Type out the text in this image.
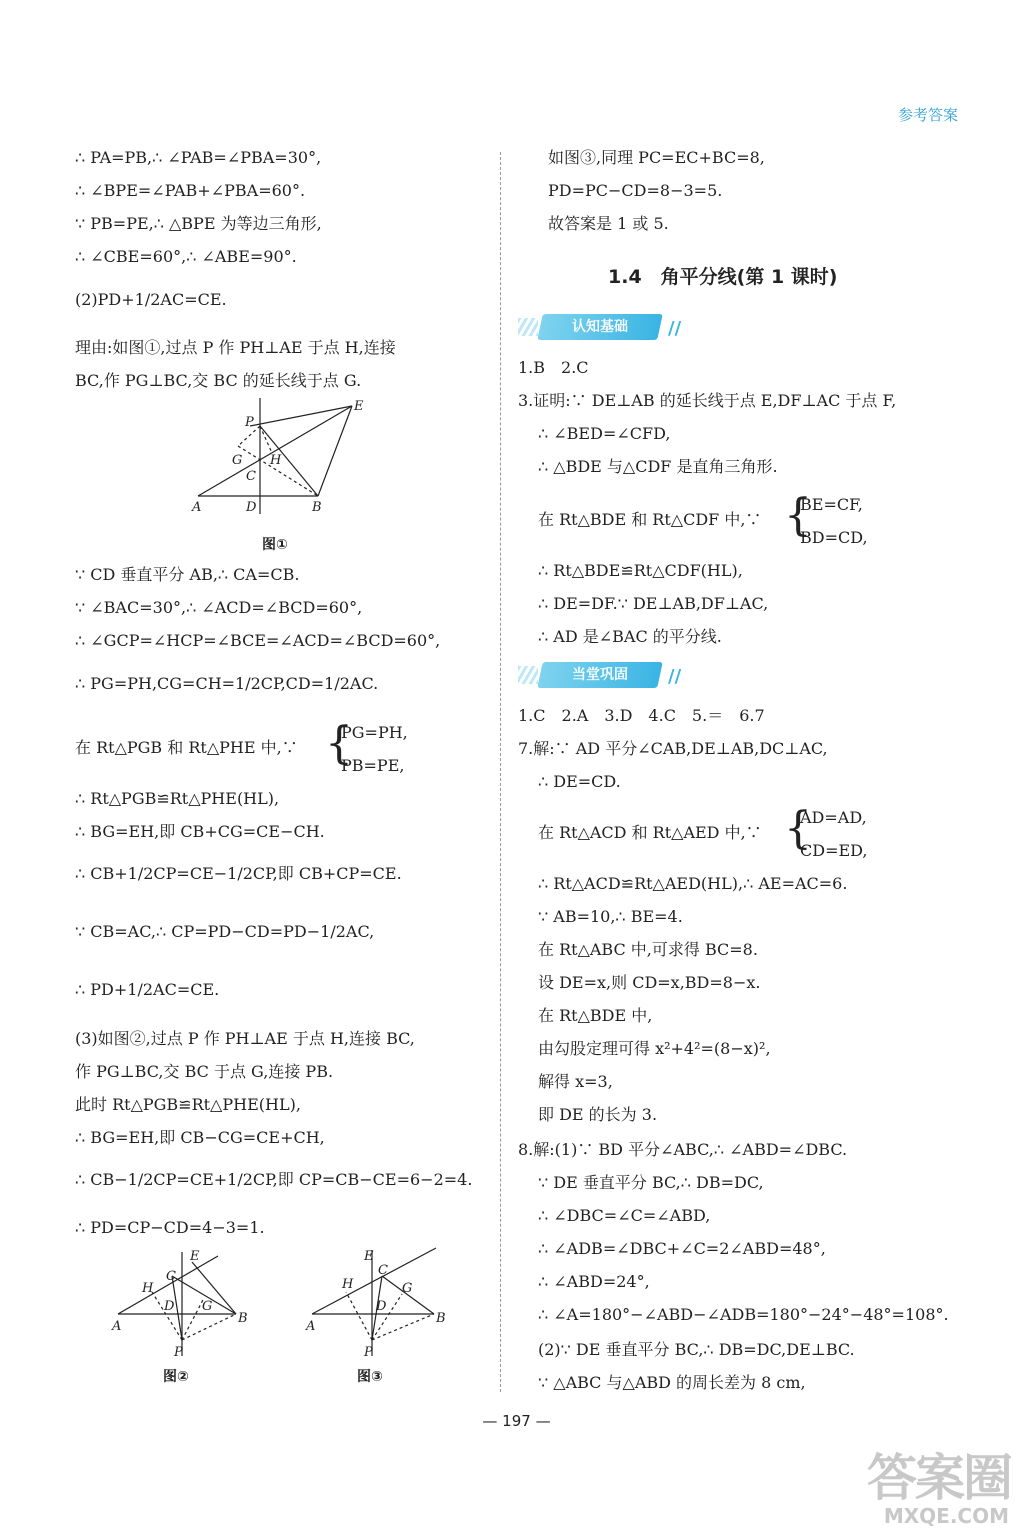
参考答案
∴ PA=PB,∴ ∠PAB=∠PBA=30°,
∴ ∠BPE=∠PAB+∠PBA=60°.
∵ PB=PE,∴ △BPE 为等边三角形,
∴ ∠CBE=60°,∴ ∠ABE=90°.
(2)PD+1/2AC=CE.
理由:如图①,过点 P 作 PH⊥AE 于点 H,连接
BC,作 PG⊥BC,交 BC 的延长线于点 G.
P
E
G H
C
A	D	B
图①
∵ CD 垂直平分 AB,∴ CA=CB.
∵ ∠BAC=30°,∴ ∠ACD=∠BCD=60°,
∴ ∠GCP=∠HCP=∠BCE=∠ACD=∠BCD=60°,
∴ PG=PH,CG=CH=1/2CP,CD=1/2AC.
在 Rt△PGB 和 Rt△PHE 中,∵ {
PG=PH,
PB=PE,
∴ Rt△PGB≌Rt△PHE(HL),
∴ BG=EH,即 CB+CG=CE−CH.
∴ CB+1/2CP=CE−1/2CP,即 CB+CP=CE.
∵ CB=AC,∴ CP=PD−CD=PD−1/2AC,
∴ PD+1/2AC=CE.
(3)如图②,过点 P 作 PH⊥AE 于点 H,连接 BC,
作 PG⊥BC,交 BC 于点 G,连接 PB.
此时 Rt△PGB≌Rt△PHE(HL),
∴ BG=EH,即 CB−CG=CE+CH,
∴ CB−1/2CP=CE+1/2CP,即 CP=CB−CE=6−2=4.
∴ PD=CP−CD=4−3=1.
E
C
H
D G
B
A
P
图②
E
C
H
D
G
B
A
P
图③
如图③,同理 PC=EC+BC=8,
PD=PC−CD=8−3=5.
故答案是 1 或 5.
1.4　角平分线(第 1 课时)
认知基础	//
1.B　2.C
3.证明:∵ DE⊥AB 的延长线于点 E,DF⊥AC 于点 F,
∴ ∠BED=∠CFD,
∴ △BDE 与△CDF 是直角三角形.
在 Rt△BDE 和 Rt△CDF 中,∵ {
BE=CF,
BD=CD,
∴ Rt△BDE≌Rt△CDF(HL),
∴ DE=DF.∵ DE⊥AB,DF⊥AC,
∴ AD 是∠BAC 的平分线.
当堂巩固	//
1.C　2.A　3.D　4.C　5.＝　6.7
7.解:∵ AD 平分∠CAB,DE⊥AB,DC⊥AC,
∴ DE=CD.
在 Rt△ACD 和 Rt△AED 中,∵ {
AD=AD,
CD=ED,
∴ Rt△ACD≌Rt△AED(HL),∴ AE=AC=6.
∵ AB=10,∴ BE=4.
在 Rt△ABC 中,可求得 BC=8.
设 DE=x,则 CD=x,BD=8−x.
在 Rt△BDE 中,
由勾股定理可得 x²+4²=(8−x)²,
解得 x=3,
即 DE 的长为 3.
8.解:(1)∵ BD 平分∠ABC,∴ ∠ABD=∠DBC.
∵ DE 垂直平分 BC,∴ DB=DC,
∴ ∠DBC=∠C=∠ABD,
∴ ∠ADB=∠DBC+∠C=2∠ABD=48°,
∴ ∠ABD=24°,
∴ ∠A=180°−∠ABD−∠ADB=180°−24°−48°=108°.
(2)∵ DE 垂直平分 BC,∴ DB=DC,DE⊥BC.
∵ △ABC 与△ABD 的周长差为 8 cm,
— 197 —
答案圈
MXQE.COM
